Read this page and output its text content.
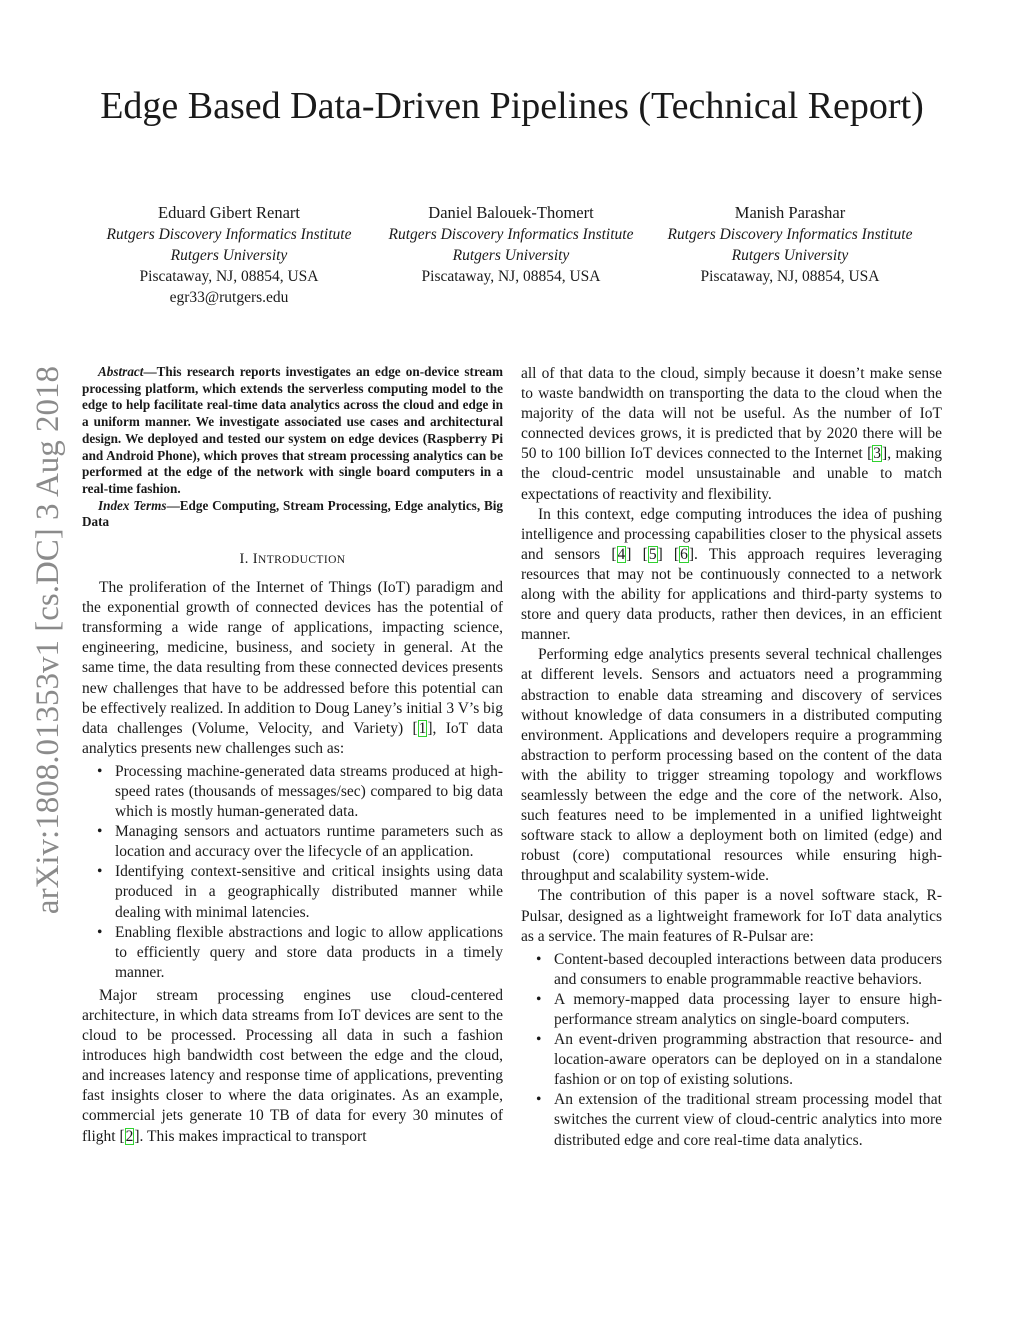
Edge Based Data-Driven Pipelines (Technical Report)
Eduard Gibert Renart
Rutgers Discovery Informatics Institute
Rutgers University
Piscataway, NJ, 08854, USA
egr33@rutgers.edu
Daniel Balouek-Thomert
Rutgers Discovery Informatics Institute
Rutgers University
Piscataway, NJ, 08854, USA
Manish Parashar
Rutgers Discovery Informatics Institute
Rutgers University
Piscataway, NJ, 08854, USA
arXiv:1808.01353v1 [cs.DC] 3 Aug 2018	Abstract—This research reports investigates an edge on-device stream processing platform, which extends the serverless computing model to the edge to help facilitate real-time data analytics across the cloud and edge in a uniform manner. We investigate associated use cases and architectural design. We deployed and tested our system on edge devices (Raspberry Pi and Android Phone), which proves that stream processing analytics can be performed at the edge of the network with single board computers in a real-time fashion.

Index Terms—Edge Computing, Stream Processing, Edge analytics, Big Data

I. INTRODUCTION

The proliferation of the Internet of Things (IoT) paradigm and the exponential growth of connected devices has the potential of transforming a wide range of applications, impacting science, engineering, medicine, business, and society in general. At the same time, the data resulting from these connected devices presents new challenges that have to be addressed before this potential can be effectively realized. In addition to Doug Laney’s initial 3 V’s big data challenges (Volume, Velocity, and Variety) [1], IoT data analytics presents new challenges such as:

• Processing machine-generated data streams produced at high-speed rates (thousands of messages/sec) compared to big data which is mostly human-generated data.
• Managing sensors and actuators runtime parameters such as location and accuracy over the lifecycle of an application.
• Identifying context-sensitive and critical insights using data produced in a geographically distributed manner while dealing with minimal latencies.
• Enabling flexible abstractions and logic to allow applications to efficiently query and store data products in a timely manner.

Major stream processing engines use cloud-centered architecture, in which data streams from IoT devices are sent to the cloud to be processed. Processing all data in such a fashion introduces high bandwidth cost between the edge and the cloud, and increases latency and response time of applications, preventing fast insights closer to where the data originates. As an example, commercial jets generate 10 TB of data for every 30 minutes of flight [2]. This makes impractical to transport

all of that data to the cloud, simply because it doesn’t make sense to waste bandwidth on transporting the data to the cloud when the majority of the data will not be useful. As the number of IoT connected devices grows, it is predicted that by 2020 there will be 50 to 100 billion IoT devices connected to the Internet [3], making the cloud-centric model unsustainable and unable to match expectations of reactivity and flexibility.

In this context, edge computing introduces the idea of pushing intelligence and processing capabilities closer to the physical assets and sensors [4] [5] [6]. This approach requires leveraging resources that may not be continuously connected to a network along with the ability for applications and third-party systems to store and query data products, rather then devices, in an efficient manner.

Performing edge analytics presents several technical challenges at different levels. Sensors and actuators need a programming abstraction to enable data streaming and discovery of services without knowledge of data consumers in a distributed computing environment. Applications and developers require a programming abstraction to perform processing based on the content of the data with the ability to trigger streaming topology and workflows seamlessly between the edge and the core of the network. Also, such features need to be implemented in a unified lightweight software stack to allow a deployment both on limited (edge) and robust (core) computational resources while ensuring high-throughput and scalability system-wide.

The contribution of this paper is a novel software stack, R-Pulsar, designed as a lightweight framework for IoT data analytics as a service. The main features of R-Pulsar are:

• Content-based decoupled interactions between data producers and consumers to enable programmable reactive behaviors.
• A memory-mapped data processing layer to ensure high-performance stream analytics on single-board computers.
• An event-driven programming abstraction that resource- and location-aware operators can be deployed on in a standalone fashion or on top of existing solutions.
• An extension of the traditional stream processing model that switches the current view of cloud-centric analytics into more distributed edge and core real-time data analytics.
